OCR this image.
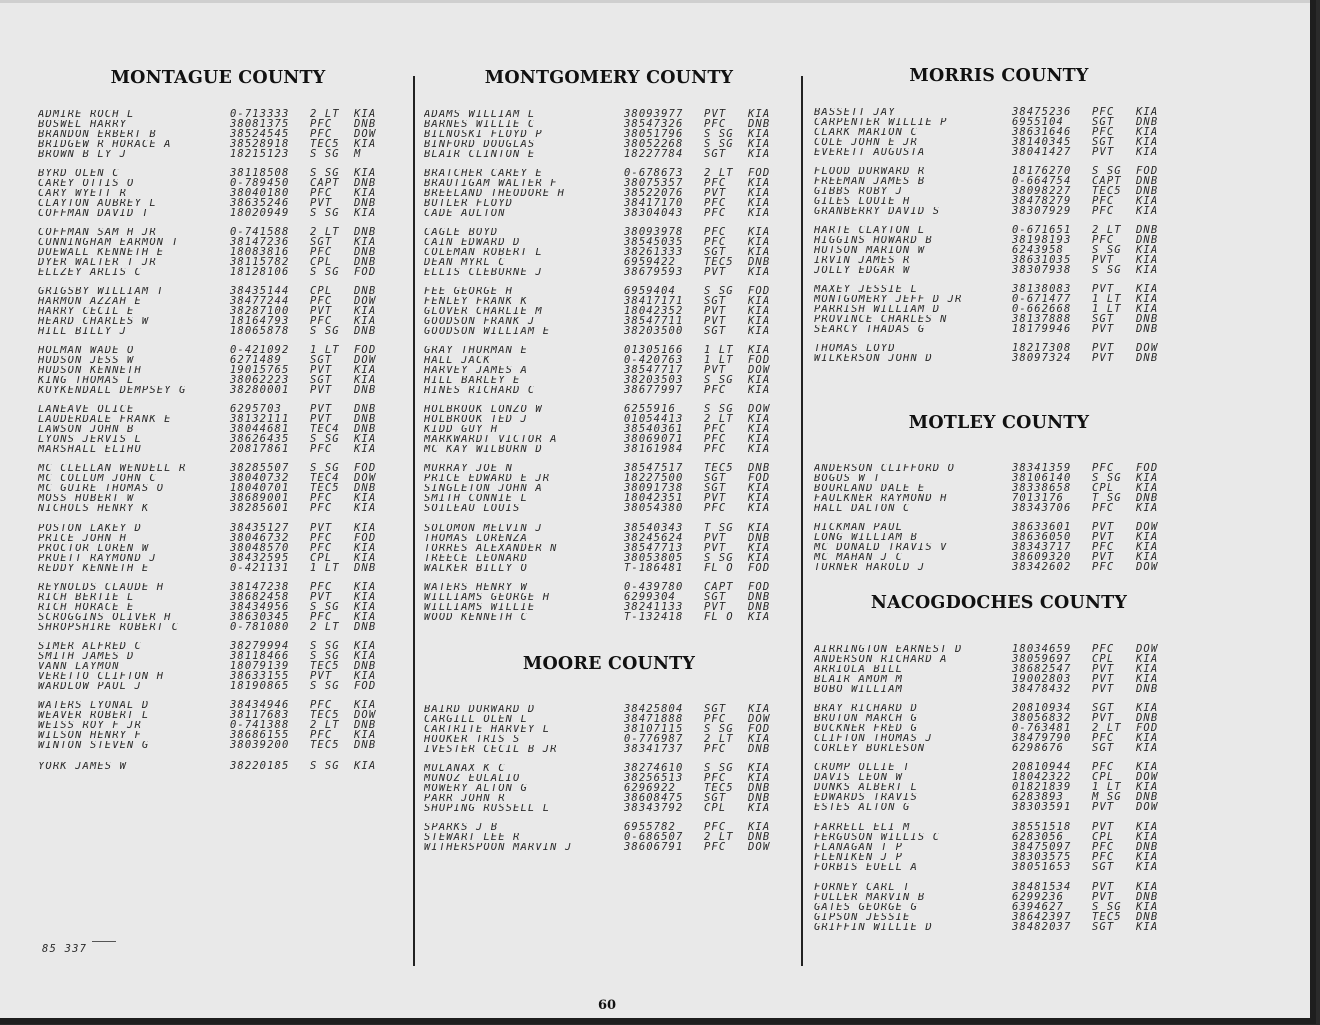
MONTAGUE COUNTY
ADMIRE ROCH L	0-713333	2 LT	KIA
BOSWEL HARRY	38081375	PFC	DNB
BRANDON ERBERT B	38524545	PFC	DOW
BRIDGEW R HORACE A	38528918	TEC5	KIA
BROWN B LY J	18215123	S SG	M
BYRD OLEN C	38118508	S SG	KIA
CAREY OTTIS O	0-789450	CAPT	DNB
CARY WYETT R	38040180	PFC	KIA
CLAYTON AUBREY L	38635246	PVT	DNB
COFFMAN DAVID T	18020949	S SG	KIA
COFFMAN SAM H JR	0-741588	2 LT	DNB
CUNNINGHAM EARMON T	38147236	SGT	KIA
DUEWALL KENNETH E	18083816	PFC	DNB
DYER WALTER T JR	38115782	CPL	DNB
ELLZEY ARLIS C	18128106	S SG	FOD
GRIGSBY WILLIAM T	38435144	CPL	DNB
HARMON AZZAH E	38477244	PFC	DOW
HARRY CECIL E	38287100	PVT	KIA
HEARD CHARLES W	18164793	PFC	KIA
HILL BILLY J	18065878	S SG	DNB
HOLMAN WADE O	0-421092	1 LT	FOD
HUDSON JESS W	6271489	SGT	DOW
HUDSON KENNETH	19015765	PVT	KIA
KING THOMAS L	38062223	SGT	KIA
KUYKENDALL DEMPSEY G	38280001	PVT	DNB
LANEAVE OLICE	6295703	PVT	DNB
LAUDERDALE FRANK E	38132111	PVT	DNB
LAWSON JOHN B	38044681	TEC4	DNB
LYONS JERVIS L	38626435	S SG	KIA
MARSHALL ELIHU	20817861	PFC	KIA
MC CLELLAN WENDELL R	38285507	S SG	FOD
MC COLLUM JOHN C	38040732	TEC4	DOW
MC GUIRE THOMAS O	18040701	TEC5	DNB
MOSS HUBERT W	38689001	PFC	KIA
NICHOLS HENRY K	38285601	PFC	KIA
POSTON LAKEY D	38435127	PVT	KIA
PRICE JOHN H	38046732	PFC	FOD
PROCTOR LOREN W	38048570	PFC	KIA
PRUETT RAYMOND J	38432595	CPL	KIA
REDDY KENNETH E	0-421131	1 LT	DNB
REYNOLDS CLAUDE H	38147238	PFC	KIA
RICH BERTIE L	38682458	PVT	KIA
RICH HORACE E	38434956	S SG	KIA
SCROGGINS OLIVER H	38630345	PFC	KIA
SHROPSHIRE ROBERT C	0-781080	2 LT	DNB
SIMER ALFRED C	38279994	S SG	KIA
SMITH JAMES D	38118466	S SG	KIA
VANN LAYMON	18079139	TEC5	DNB
VERETTO CLIFTON H	38633155	PVT	KIA
WARDLOW PAUL J	18190865	S SG	FOD
WATERS LYONAL D	38434946	PFC	KIA
WEAVER ROBERT L	38117683	TEC5	DOW
WEISS ROY F JR	0-741388	2 LT	DNB
WILSON HENRY F	38686155	PFC	KIA
WINTON STEVEN G	38039200	TEC5	DNB
YORK JAMES W	38220185	S SG	KIA
MONTGOMERY COUNTY
ADAMS WILLIAM L	38093977	PVT	KIA
BARNES WILLIE C	38547326	PFC	DNB
BILNOSKI FLOYD P	38051796	S SG	KIA
BINFORD DOUGLAS	38052268	S SG	KIA
BLAIR CLINTON E	18227784	SGT	KIA
BRATCHER CAREY E	0-678673	2 LT	FOD
BRAUTIGAM WALTER F	38075357	PFC	KIA
BREELAND THEODORE H	38522076	PVT	KIA
BUTLER FLOYD	38417170	PFC	KIA
CADE AULTON	38304043	PFC	KIA
CAGLE BOYD	38093978	PFC	KIA
CAIN EDWARD D	38545035	PFC	KIA
COLEMAN ROBERT L	38261333	SGT	KIA
DEAN MYRL C	6959422	TEC5	DNB
ELLIS CLEBURNE J	38679593	PVT	KIA
FEE GEORGE H	6959404	S SG	FOD
FENLEY FRANK K	38417171	SGT	KIA
GLOVER CHARLIE M	18042352	PVT	KIA
GOODSON FRANK J	38547711	PVT	KIA
GOODSON WILLIAM E	38203500	SGT	KIA
GRAY THURMAN E	01305166	1 LT	KIA
HALL JACK	0-420763	1 LT	FOD
HARVEY JAMES A	38547717	PVT	DOW
HILL BARLEY E	38203503	S SG	KIA
HINES RICHARD C	38677997	PFC	KIA
HOLBROOK LONZO W	6255916	S SG	DOW
HOLBROOK TED J	01054413	2 LT	KIA
KIDD GUY H	38540361	PFC	KIA
MARKWARDT VICTOR A	38069071	PFC	KIA
MC KAY WILBURN D	38161984	PFC	KIA
MURRAY JOE N	38547517	TEC5	DNB
PRICE EDWARD E JR	18227500	SGT	FOD
SINGLETON JOHN A	38091738	SGT	KIA
SMITH CONNIE L	18042351	PVT	KIA
SOILEAU LOUIS	38054380	PFC	KIA
SOLOMON MELVIN J	38540343	T SG	KIA
THOMAS LORENZA	38245624	PVT	DNB
TORRES ALEXANDER N	38547713	PVT	KIA
TREECE LEONARD	38053805	S SG	KIA
WALKER BILLY O	T-186481	FL O	FOD
WATERS HENRY W	0-439780	CAPT	FOD
WILLIAMS GEORGE H	6299304	SGT	DNB
WILLIAMS WILLIE	38241133	PVT	DNB
WOOD KENNETH C	T-132418	FL O	KIA
MOORE COUNTY
BAIRD DURWARD D	38425804	SGT	KIA
CARGILL OLEN L	38471888	PFC	DOW
CARTRITE HARVEY L	38107115	S SG	FOD
HOOKER TRIS S	0-776987	2 LT	KIA
IVESTER CECIL B JR	38341737	PFC	DNB
MULANAX K C	38274610	S SG	KIA
MUNOZ EULALIO	38256513	PFC	KIA
MOWERY ALTON G	6296922	TEC5	DNB
PARR JOHN R	38608475	SGT	DNB
SHUPING RUSSELL L	38343792	CPL	KIA
SPARKS J B	6955782	PFC	KIA
STEWART LEE R	0-686507	2 LT	DNB
WITHERSPOON MARVIN J	38606791	PFC	DOW
MORRIS COUNTY
BASSETT JAY	38475236	PFC	KIA
CARPENTER WILLIE P	6955104	SGT	DNB
CLARK MARION C	38631646	PFC	KIA
COLE JOHN E JR	38140345	SGT	KIA
EVERETT AUGUSTA	38041427	PVT	KIA
FLOOD DURWARD R	18176270	S SG	FOD
FREEMAN JAMES B	0-664754	CAPT	DNB
GIBBS ROBY J	38098227	TEC5	DNB
GILES LOUIE H	38478279	PFC	KIA
GRANBERRY DAVID S	38307929	PFC	KIA
HARTE CLAYTON L	0-671651	2 LT	DNB
HIGGINS HOWARD B	38198193	PFC	DNB
HUTSON MARION W	6243958	S SG	KIA
IRVIN JAMES R	38631035	PVT	KIA
JOLLY EDGAR W	38307938	S SG	KIA
MAXEY JESSIE L	38138083	PVT	KIA
MONTGOMERY JEFF D JR	0-671477	1 LT	KIA
PARRISH WILLIAM D	0-662668	1 LT	KIA
PROVINCE CHARLES N	38137888	SGT	DNB
SEARCY THADAS G	18179946	PVT	DNB
THOMAS LOYD	18217308	PVT	DOW
WILKERSON JOHN D	38097324	PVT	DNB
MOTLEY COUNTY
ANDERSON CLIFFORD O	38341359	PFC	FOD
BOGUS W T	38106140	S SG	KIA
BOURLAND DALE E	38338658	CPL	KIA
FAULKNER RAYMOND H	7013176	T SG	DNB
HALL DALTON C	38343706	PFC	KIA
HICKMAN PAUL	38633601	PVT	DOW
LONG WILLIAM B	38636050	PVT	KIA
MC DONALD TRAVIS V	38343717	PFC	KIA
MC MAHAN J C	38609320	PVT	KIA
TURNER HAROLD J	38342602	PFC	DOW
NACOGDOCHES COUNTY
AIRRINGTON EARNEST D	18034659	PFC	DOW
ANDERSON RICHARD A	38059697	CPL	KIA
ARRIOLA BILL	38682547	PVT	KIA
BLAIR AMOM M	19002803	PVT	KIA
BOBO WILLIAM	38478432	PVT	DNB
BRAY RICHARD D	20810934	SGT	KIA
BRUTON MARCH G	38056832	PVT	DNB
BUCKNER FRED G	0-763481	2 LT	FOD
CLIFTON THOMAS J	38479790	PFC	KIA
CORLEY BURLESON	6298676	SGT	KIA
CRUMP OLLIE T	20810944	PFC	KIA
DAVIS LEON W	18042322	CPL	DOW
DUNKS ALBERT L	01821839	1 LT	KIA
EDWARDS TRAVIS	6283893	M SG	DNB
ESTES ALTON G	38303591	PVT	DOW
FARRELL ELI M	38551518	PVT	KIA
FERGUSON WILLIS C	6283056	CPL	KIA
FLANAGAN T P	38475097	PFC	DNB
FLENIKEN J P	38303575	PFC	KIA
FORBIS EUELL A	38051653	SGT	KIA
FORNEY CARL T	38481534	PVT	KIA
FULLER MARVIN B	6299236	PVT	DNB
GATES GEORGE G	6394627	S SG	KIA
GIPSON JESSIE	38642397	TEC5	DNB
GRIFFIN WILLIE D	38482037	SGT	KIA
85 337
60
